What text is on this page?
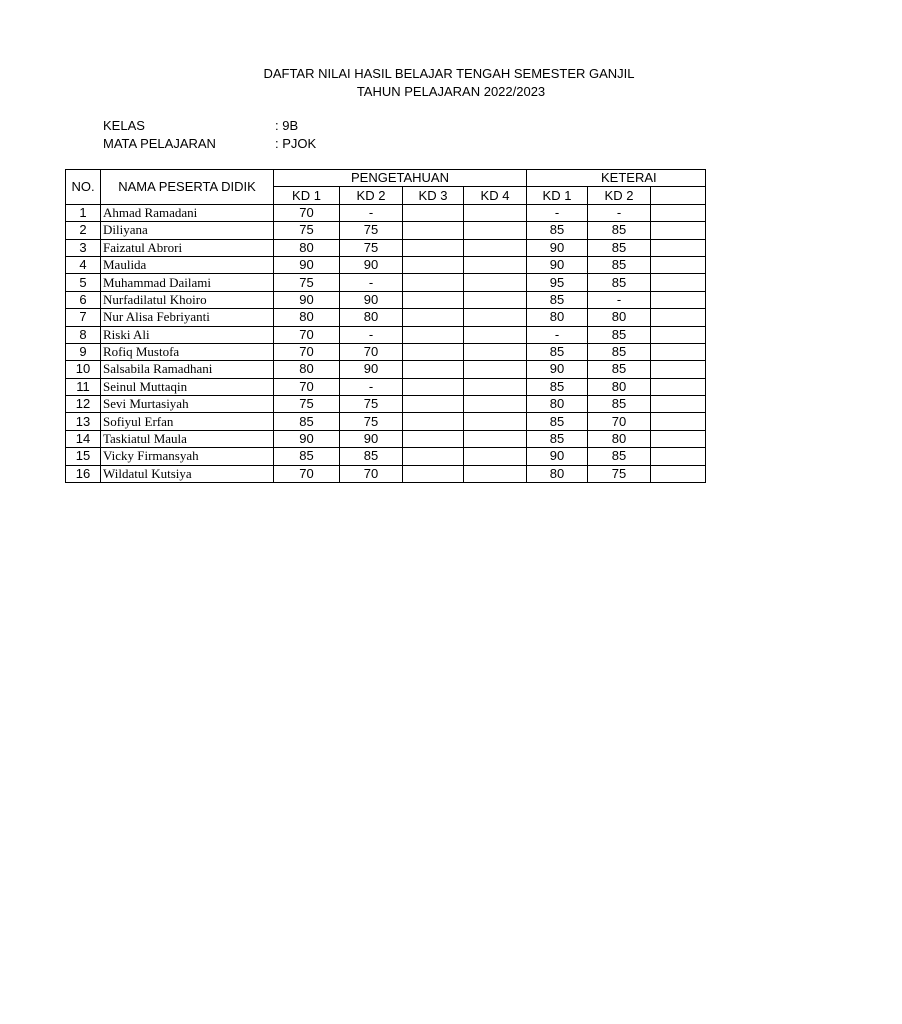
DAFTAR NILAI HASIL BELAJAR TENGAH SEMESTER GANJIL
TAHUN PELAJARAN 2022/2023
KELAS	: 9B
MATA PELAJARAN	: PJOK
NO.	NAMA PESERTA DIDIK	PENGETAHUAN				KETERAI		
		KD 1	KD 2	KD 3	KD 4	KD 1	KD 2	
1	Ahmad Ramadani	70	-			-	-	
2	Diliyana	75	75			85	85	
3	Faizatul Abrori	80	75			90	85	
4	Maulida	90	90			90	85	
5	Muhammad Dailami	75	-			95	85	
6	Nurfadilatul Khoiro	90	90			85	-	
7	Nur Alisa Febriyanti	80	80			80	80	
8	Riski Ali	70	-			-	85	
9	Rofiq Mustofa	70	70			85	85	
10	Salsabila Ramadhani	80	90			90	85	
11	Seinul Muttaqin	70	-			85	80	
12	Sevi Murtasiyah	75	75			80	85	
13	Sofiyul Erfan	85	75			85	70	
14	Taskiatul Maula	90	90			85	80	
15	Vicky Firmansyah	85	85			90	85	
16	Wildatul Kutsiya	70	70			80	75	
